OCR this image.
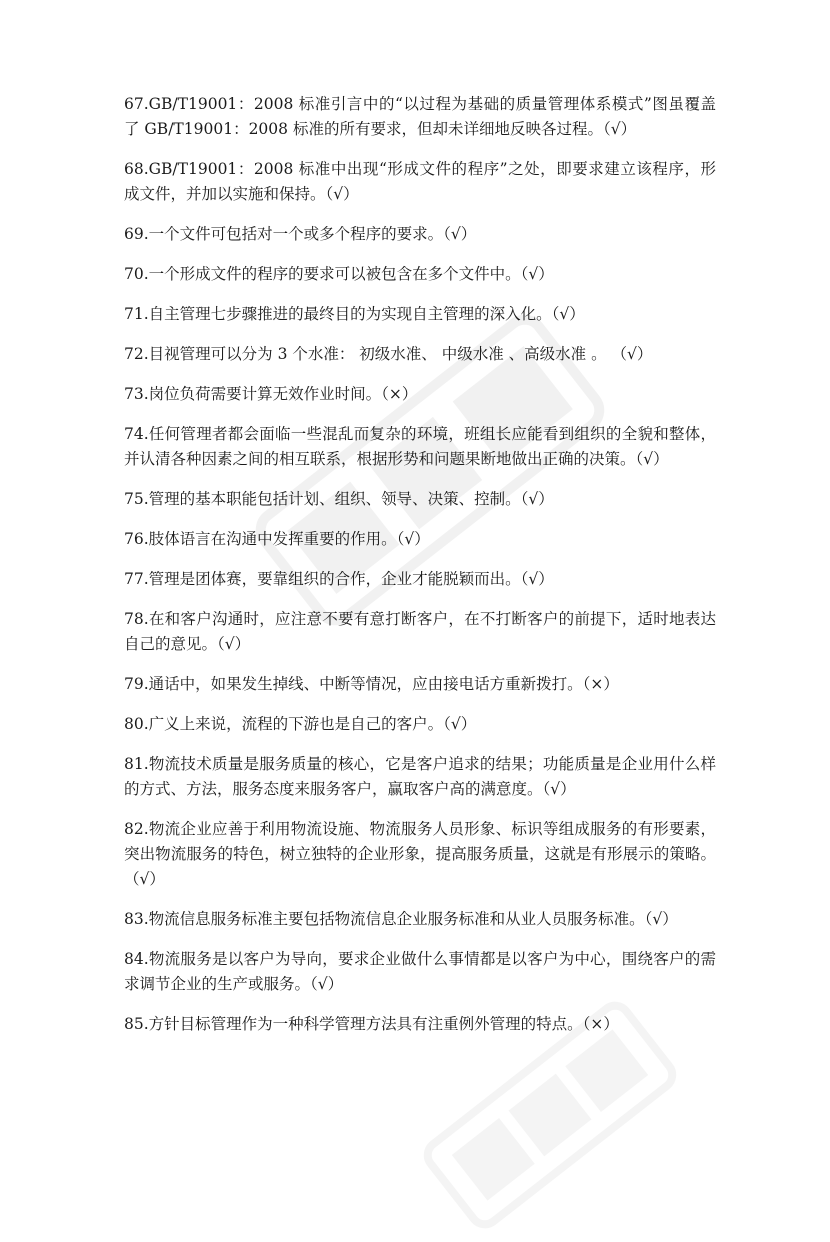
67.GB/T19001：2008 标准引言中的“以过程为基础的质量管理体系模式”图虽覆盖了 GB/T19001：2008 标准的所有要求，但却未详细地反映各过程。（√）

68.GB/T19001：2008 标准中出现“形成文件的程序”之处，即要求建立该程序，形成文件，并加以实施和保持。（√）

69.一个文件可包括对一个或多个程序的要求。（√）

70.一个形成文件的程序的要求可以被包含在多个文件中。（√）

71.自主管理七步骤推进的最终目的为实现自主管理的深入化。（√）

72.目视管理可以分为 3 个水准： 初级水准、 中级水准 、高级水准 。 （√）

73.岗位负荷需要计算无效作业时间。（×）

74.任何管理者都会面临一些混乱而复杂的环境，班组长应能看到组织的全貌和整体，并认清各种因素之间的相互联系，根据形势和问题果断地做出正确的决策。（√）

75.管理的基本职能包括计划、组织、领导、决策、控制。（√）

76.肢体语言在沟通中发挥重要的作用。（√）

77.管理是团体赛，要靠组织的合作，企业才能脱颖而出。（√）

78.在和客户沟通时，应注意不要有意打断客户，在不打断客户的前提下，适时地表达自己的意见。（√）

79.通话中，如果发生掉线、中断等情况，应由接电话方重新拨打。（×）

80.广义上来说，流程的下游也是自己的客户。（√）

81.物流技术质量是服务质量的核心，它是客户追求的结果；功能质量是企业用什么样的方式、方法，服务态度来服务客户，赢取客户高的满意度。（√）

82.物流企业应善于利用物流设施、物流服务人员形象、标识等组成服务的有形要素，突出物流服务的特色，树立独特的企业形象，提高服务质量，这就是有形展示的策略。（√）

83.物流信息服务标准主要包括物流信息企业服务标准和从业人员服务标准。（√）

84.物流服务是以客户为导向，要求企业做什么事情都是以客户为中心，围绕客户的需求调节企业的生产或服务。（√）

85.方针目标管理作为一种科学管理方法具有注重例外管理的特点。（×）
